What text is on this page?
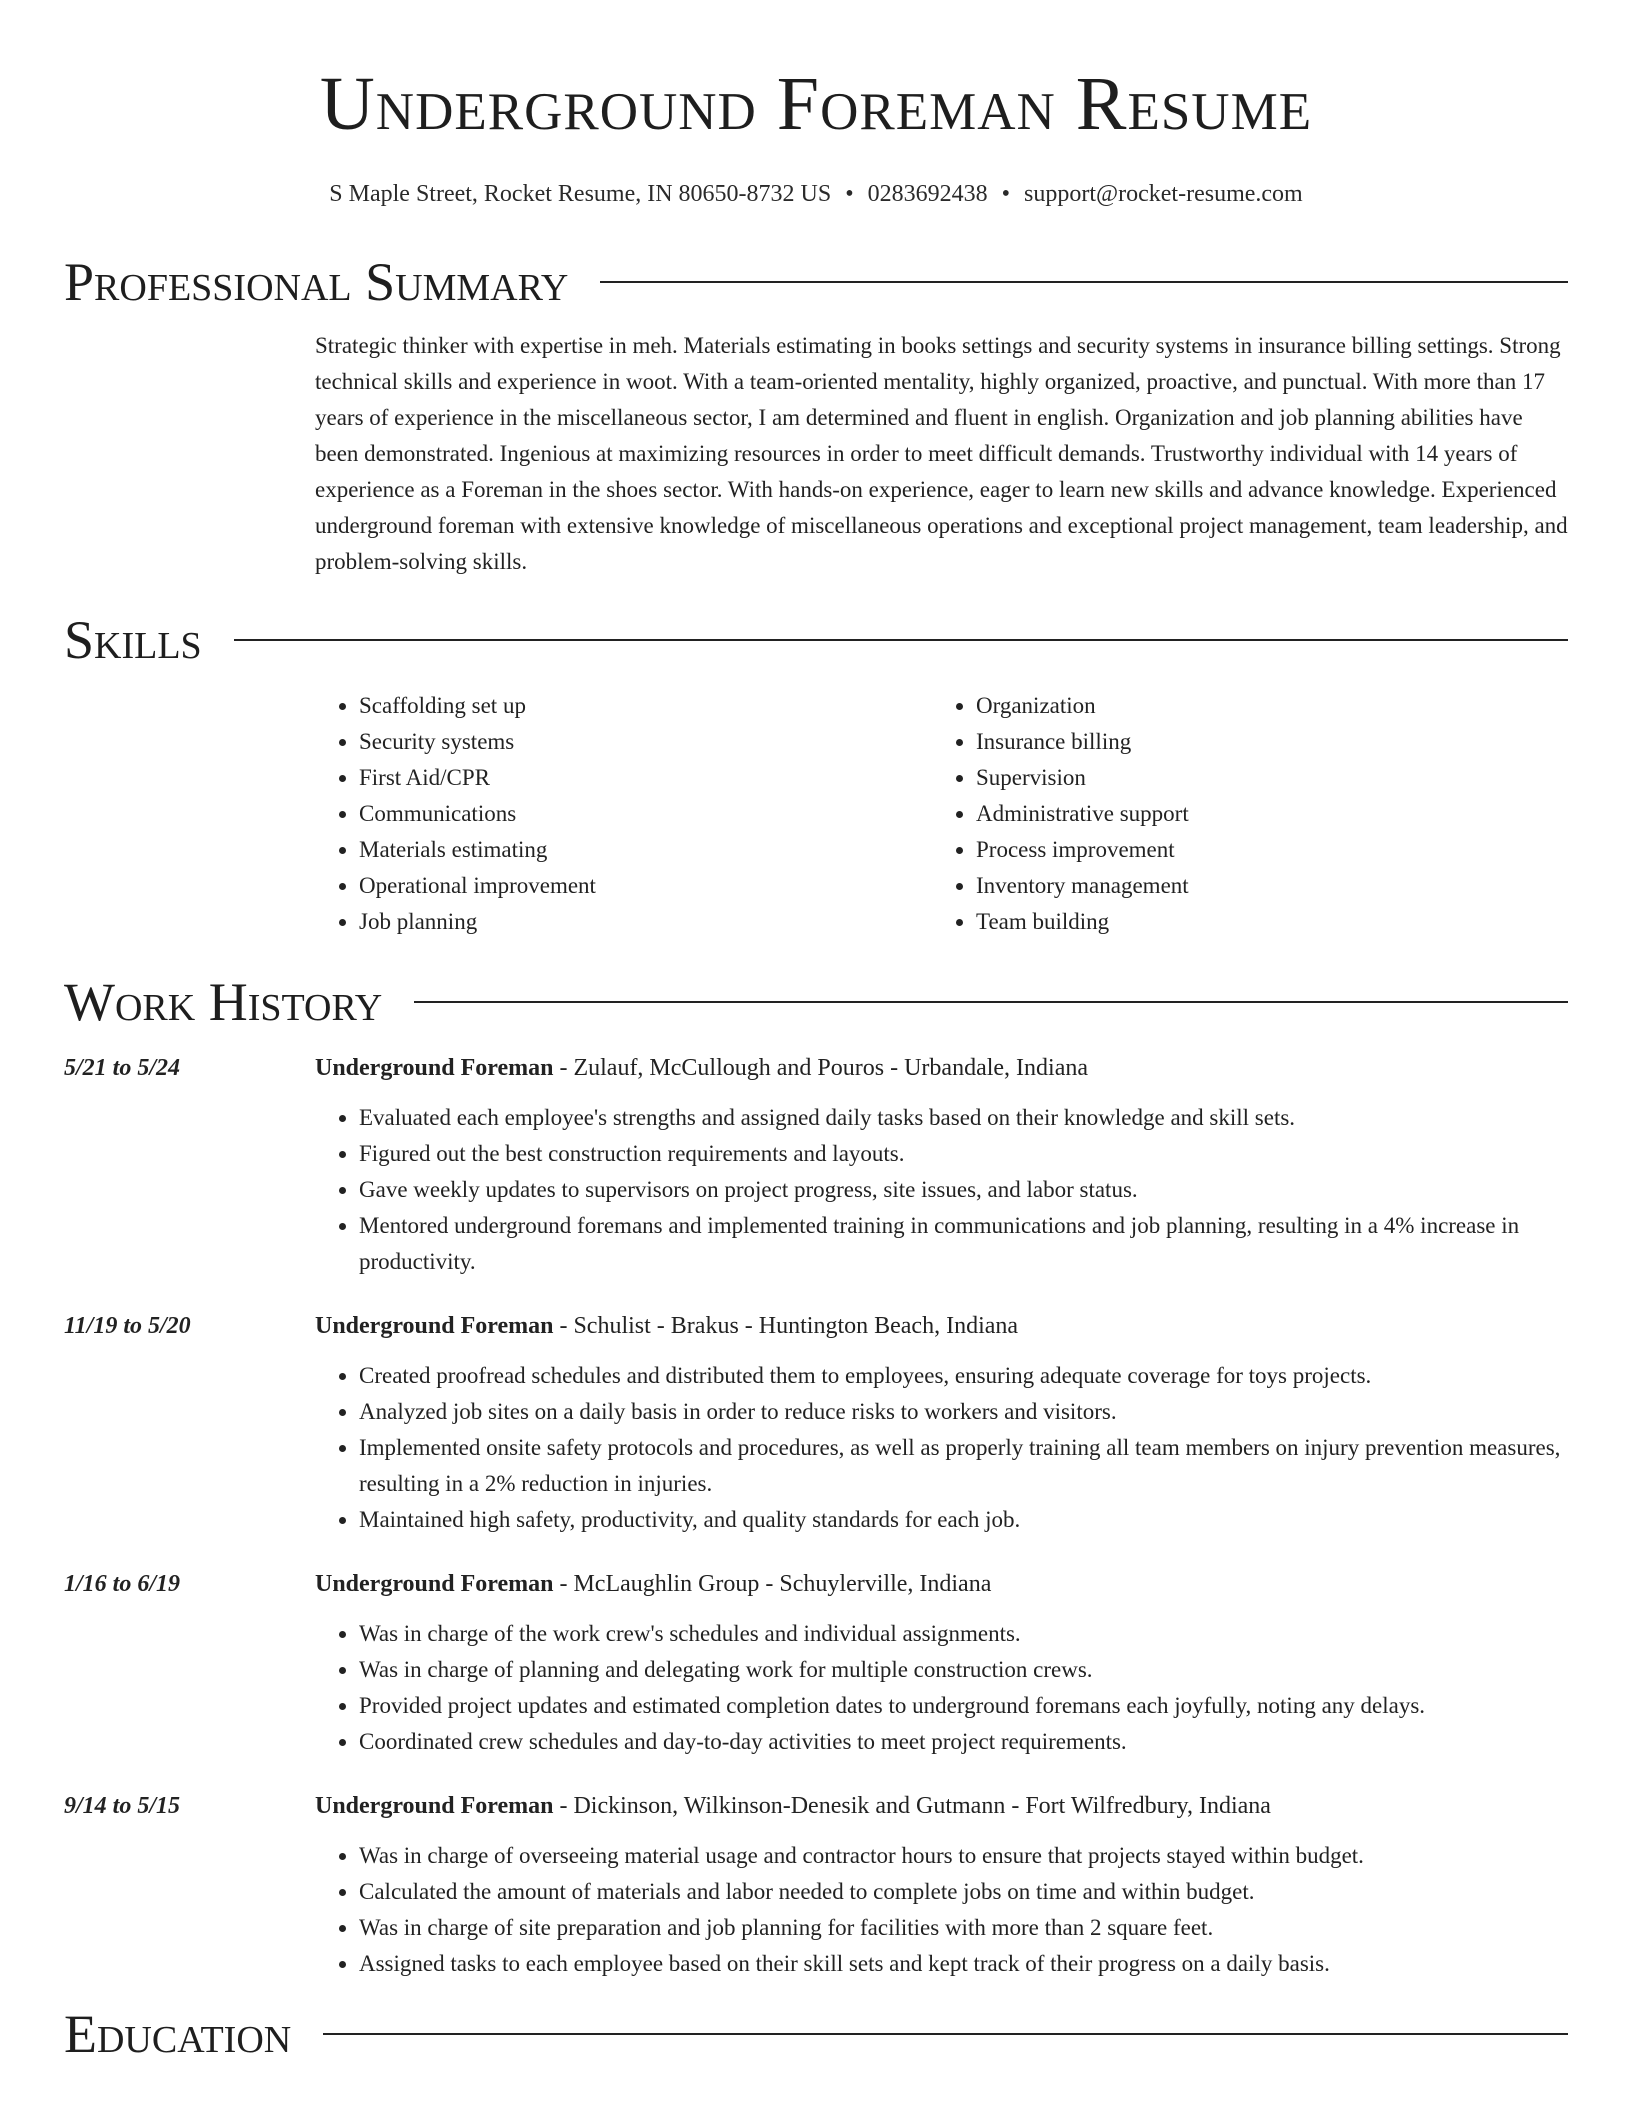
Underground Foreman Resume
S Maple Street, Rocket Resume, IN 80650-8732 US • 0283692438 • support@rocket-resume.com
Professional Summary

Strategic thinker with expertise in meh. Materials estimating in books settings and security systems in insurance billing settings. Strong technical skills and experience in woot. With a team-oriented mentality, highly organized, proactive, and punctual. With more than 17 years of experience in the miscellaneous sector, I am determined and fluent in english. Organization and job planning abilities have been demonstrated. Ingenious at maximizing resources in order to meet difficult demands. Trustworthy individual with 14 years of experience as a Foreman in the shoes sector. With hands-on experience, eager to learn new skills and advance knowledge. Experienced underground foreman with extensive knowledge of miscellaneous operations and exceptional project management, team leadership, and problem-solving skills.

Skills
• Scaffolding set up
• Security systems
• First Aid/CPR
• Communications
• Materials estimating
• Operational improvement
• Job planning
• Organization
• Insurance billing
• Supervision
• Administrative support
• Process improvement
• Inventory management
• Team building
Work History
5/21 to 5/24	Underground Foreman - Zulauf, McCullough and Pouros - Urbandale, Indiana
• Evaluated each employee's strengths and assigned daily tasks based on their knowledge and skill sets.
• Figured out the best construction requirements and layouts.
• Gave weekly updates to supervisors on project progress, site issues, and labor status.
• Mentored underground foremans and implemented training in communications and job planning, resulting in a 4% increase in productivity.
11/19 to 5/20	Underground Foreman - Schulist - Brakus - Huntington Beach, Indiana
• Created proofread schedules and distributed them to employees, ensuring adequate coverage for toys projects.
• Analyzed job sites on a daily basis in order to reduce risks to workers and visitors.
• Implemented onsite safety protocols and procedures, as well as properly training all team members on injury prevention measures, resulting in a 2% reduction in injuries.
• Maintained high safety, productivity, and quality standards for each job.
1/16 to 6/19	Underground Foreman - McLaughlin Group - Schuylerville, Indiana
• Was in charge of the work crew's schedules and individual assignments.
• Was in charge of planning and delegating work for multiple construction crews.
• Provided project updates and estimated completion dates to underground foremans each joyfully, noting any delays.
• Coordinated crew schedules and day-to-day activities to meet project requirements.
9/14 to 5/15	Underground Foreman - Dickinson, Wilkinson-Denesik and Gutmann - Fort Wilfredbury, Indiana
• Was in charge of overseeing material usage and contractor hours to ensure that projects stayed within budget.
• Calculated the amount of materials and labor needed to complete jobs on time and within budget.
• Was in charge of site preparation and job planning for facilities with more than 2 square feet.
• Assigned tasks to each employee based on their skill sets and kept track of their progress on a daily basis.
Education
